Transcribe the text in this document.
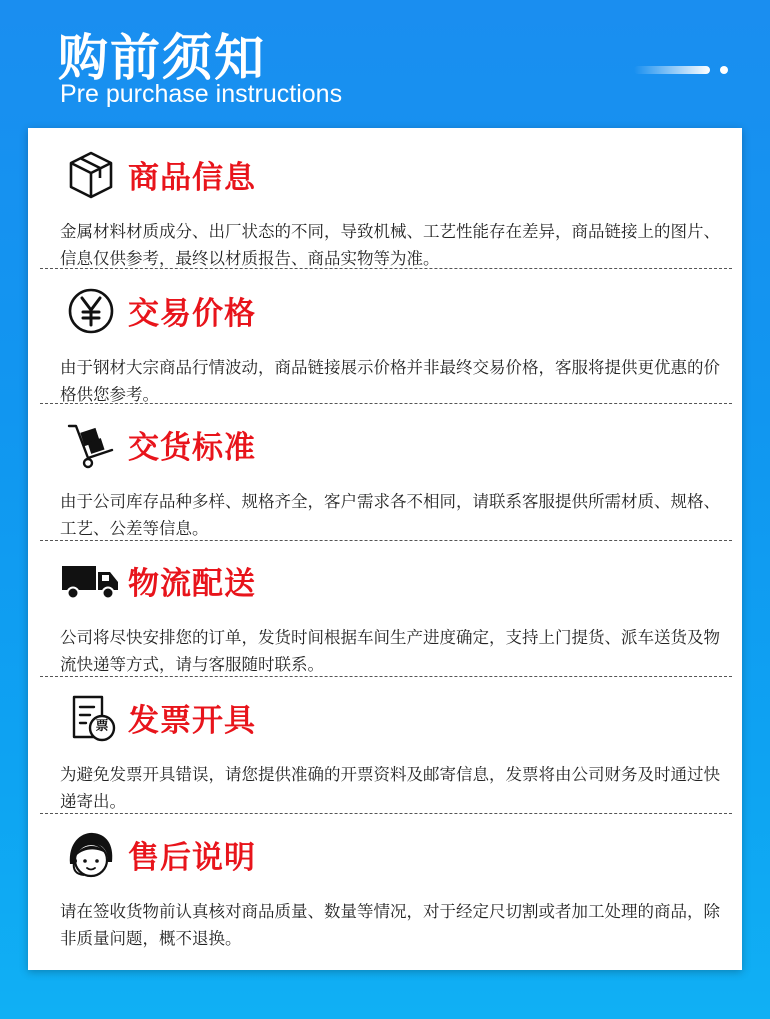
购前须知
Pre purchase instructions
商品信息
金属材料材质成分、出厂状态的不同，导致机械、工艺性能存在差异，商品链接上的图片、信息仅供参考，最终以材质报告、商品实物等为准。
交易价格
由于钢材大宗商品行情波动，商品链接展示价格并非最终交易价格，客服将提供更优惠的价格供您参考。
交货标准
由于公司库存品种多样、规格齐全，客户需求各不相同，请联系客服提供所需材质、规格、工艺、公差等信息。
物流配送
公司将尽快安排您的订单，发货时间根据车间生产进度确定，支持上门提货、派车送货及物流快递等方式，请与客服随时联系。
票 发票开具
为避免发票开具错误，请您提供准确的开票资料及邮寄信息，发票将由公司财务及时通过快递寄出。
售后说明
请在签收货物前认真核对商品质量、数量等情况，对于经定尺切割或者加工处理的商品，除非质量问题，概不退换。
